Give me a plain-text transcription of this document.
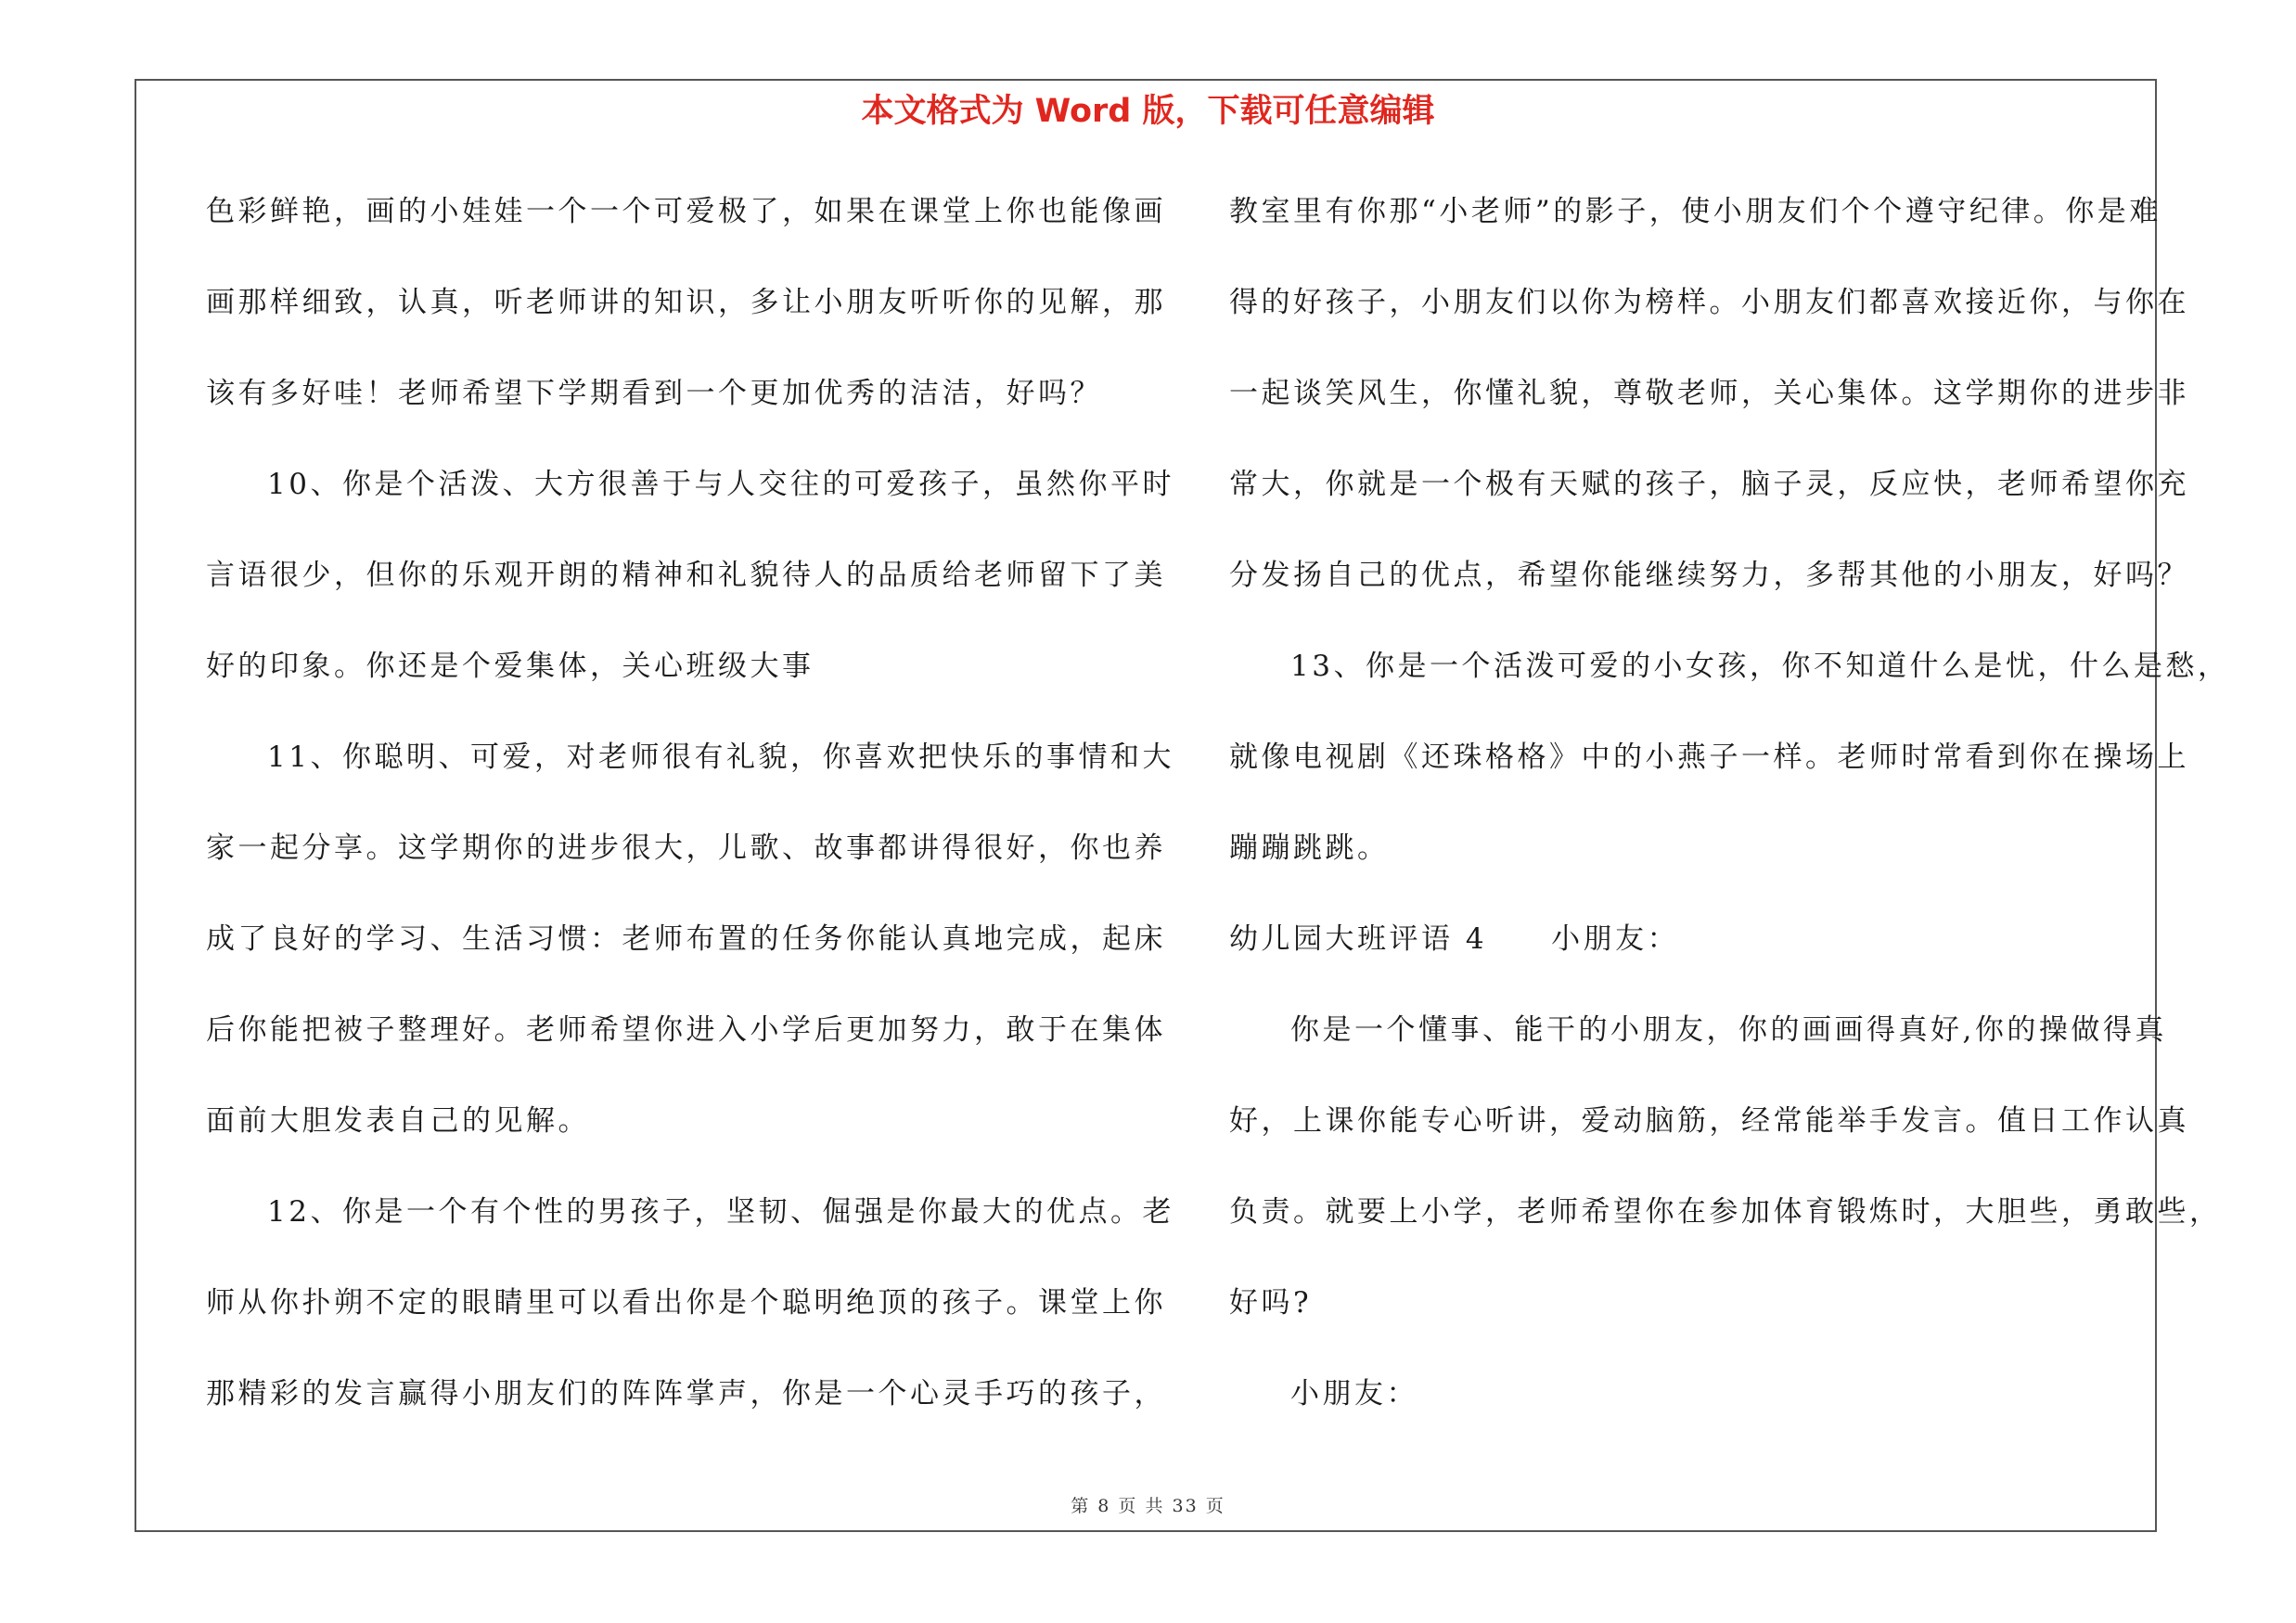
本文格式为 Word 版，下载可任意编辑
色彩鲜艳，画的小娃娃一个一个可爱极了，如果在课堂上你也能像画
画那样细致，认真，听老师讲的知识，多让小朋友听听你的见解，那
该有多好哇！老师希望下学期看到一个更加优秀的洁洁，好吗？
10、你是个活泼、大方很善于与人交往的可爱孩子，虽然你平时
言语很少，但你的乐观开朗的精神和礼貌待人的品质给老师留下了美
好的印象。你还是个爱集体，关心班级大事
11、你聪明、可爱，对老师很有礼貌，你喜欢把快乐的事情和大
家一起分享。这学期你的进步很大，儿歌、故事都讲得很好，你也养
成了良好的学习、生活习惯：老师布置的任务你能认真地完成，起床
后你能把被子整理好。老师希望你进入小学后更加努力，敢于在集体
面前大胆发表自己的见解。
12、你是一个有个性的男孩子，坚韧、倔强是你最大的优点。老
师从你扑朔不定的眼睛里可以看出你是个聪明绝顶的孩子。课堂上你
那精彩的发言赢得小朋友们的阵阵掌声，你是一个心灵手巧的孩子，
教室里有你那“小老师”的影子，使小朋友们个个遵守纪律。你是难
得的好孩子，小朋友们以你为榜样。小朋友们都喜欢接近你，与你在
一起谈笑风生，你懂礼貌，尊敬老师，关心集体。这学期你的进步非
常大，你就是一个极有天赋的孩子，脑子灵，反应快，老师希望你充
分发扬自己的优点，希望你能继续努力，多帮其他的小朋友，好吗？
13、你是一个活泼可爱的小女孩，你不知道什么是忧，什么是愁，
就像电视剧《还珠格格》中的小燕子一样。老师时常看到你在操场上
蹦蹦跳跳。
幼儿园大班评语 4　　小朋友：
你是一个懂事、能干的小朋友，你的画画得真好,你的操做得真
好，上课你能专心听讲，爱动脑筋，经常能举手发言。值日工作认真
负责。就要上小学，老师希望你在参加体育锻炼时，大胆些，勇敢些，
好吗?
小朋友：
第 8 页 共 33 页
